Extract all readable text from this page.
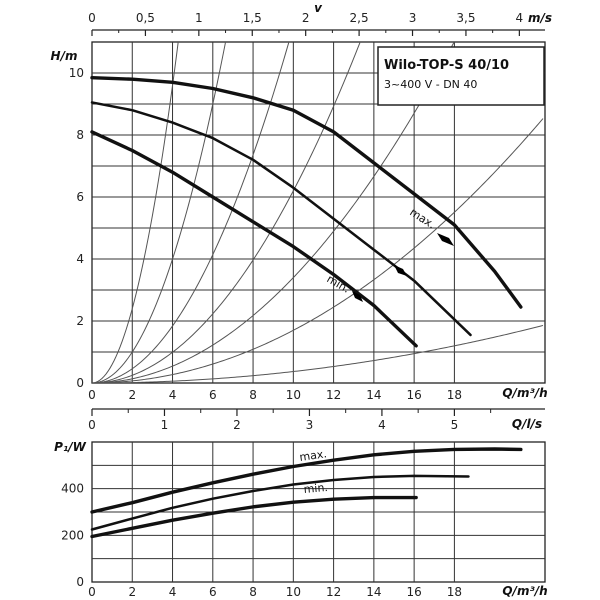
0	2	4	6	8 10 12 14 16 18
0
2
4
6
8
10
0	0,5	1	1,5	2	2,5	3	3,5	4
v
m/s
H/m
Q/m³/h
Wilo-TOP-S 40/10
3~400 V - DN 40
max.
min.
0	2	4	6	8 10 12 14 16 18
0
200
400
0	1	2	3	4	5	Q/l/s
P₁/W
Q/m³/h
max.
min.
